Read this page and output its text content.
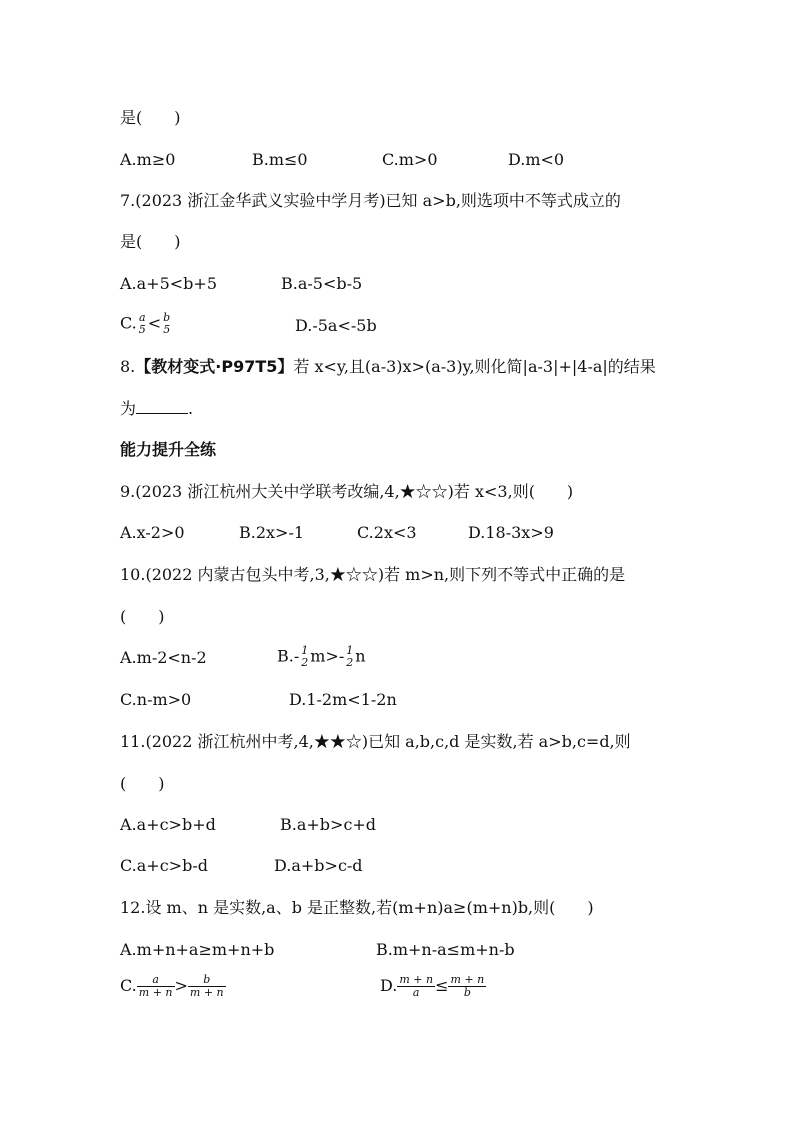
是(　　)
A.m≥0	B.m≤0	C.m>0	D.m<0
7.(2023 浙江金华武义实验中学月考)已知 a>b,则选项中不等式成立的
是(　　)
A.a+5<b+5	B.a-5<b-5
C. a
5 < b
5	D.-5a<-5b
8.【教材变式·P97T5】若 x<y,且(a-3)x>(a-3)y,则化简|a-3|+|4-a|的结果
为	.
能力提升全练
9.(2023 浙江杭州大关中学联考改编,4,★☆☆)若 x<3,则(　　)
A.x-2>0	B.2x>-1	C.2x<3	D.18-3x>9
10.(2022 内蒙古包头中考,3,★☆☆)若 m>n,则下列不等式中正确的是
(　　)
A.m-2<n-2	B.- 1
2 m>- 1
2 n
C.n-m>0	D.1-2m<1-2n
11.(2022 浙江杭州中考,4,★★☆)已知 a,b,c,d 是实数,若 a>b,c=d,则
(　　)
A.a+c>b+d	B.a+b>c+d
C.a+c>b-d	D.a+b>c-d
12.设 m、n 是实数,a、b 是正整数,若(m+n)a≥(m+n)b,则(　　)
A.m+n+a≥m+n+b	B.m+n-a≤m+n-b
C. $\frac{a}{m + n} > \frac{b}{m + n}$	D. $\frac{m + n}{a} \le \frac{m + n}{b}$
